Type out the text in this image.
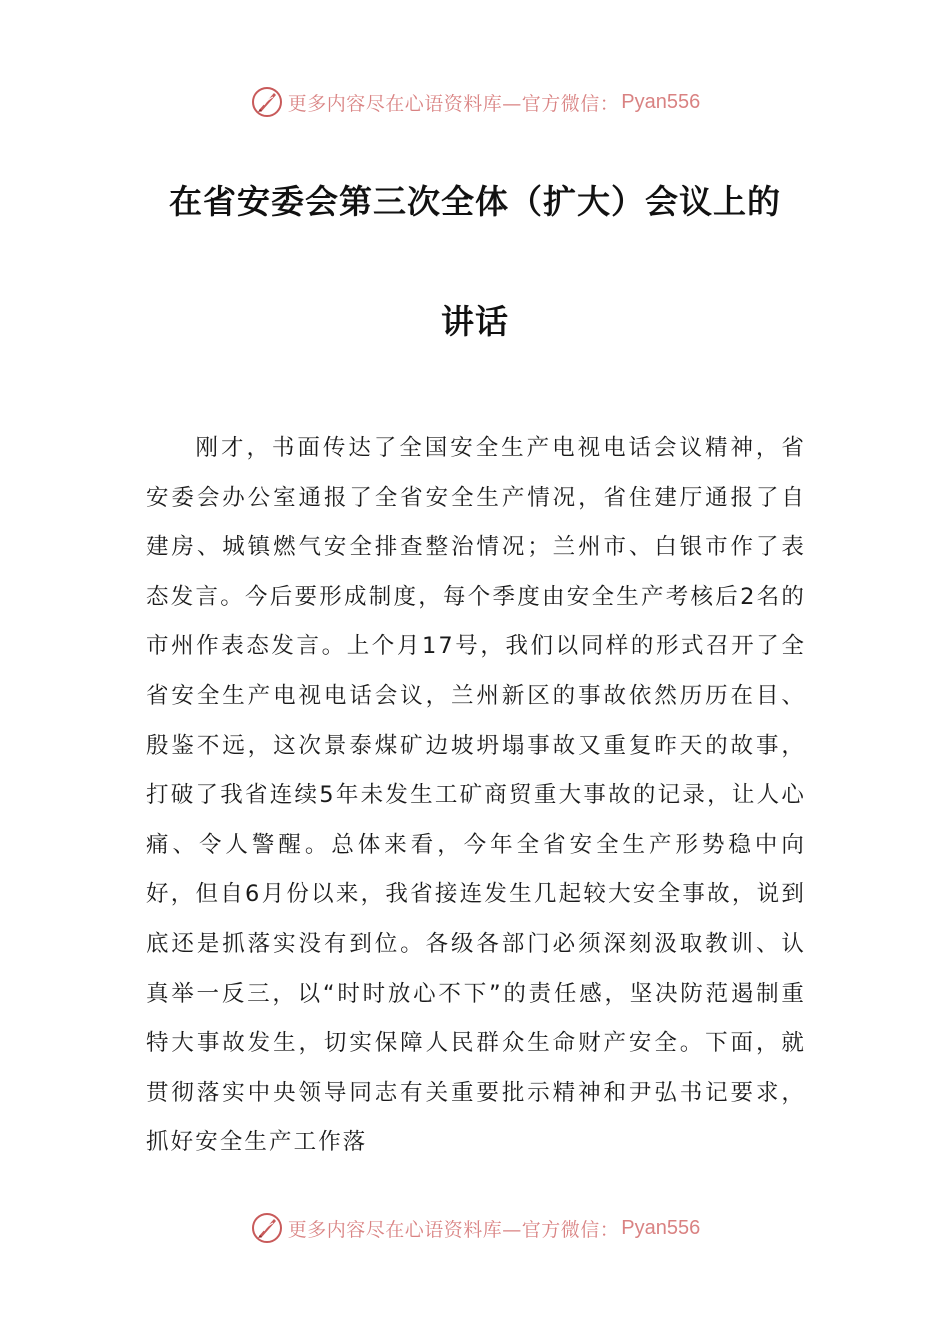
更多内容尽在心语资料库—官方微信： Pyan556
在省安委会第三次全体（扩大）会议上的
讲话

刚才，书面传达了全国安全生产电视电话会议精神，省安委会办公室通报了全省安全生产情况，省住建厅通报了自建房、城镇燃气安全排查整治情况；兰州市、白银市作了表态发言。今后要形成制度，每个季度由安全生产考核后2名的市州作表态发言。上个月17号，我们以同样的形式召开了全省安全生产电视电话会议，兰州新区的事故依然历历在目、殷鉴不远，这次景泰煤矿边坡坍塌事故又重复昨天的故事，打破了我省连续5年未发生工矿商贸重大事故的记录，让人心痛、令人警醒。总体来看，今年全省安全生产形势稳中向好，但自6月份以来，我省接连发生几起较大安全事故，说到底还是抓落实没有到位。各级各部门必须深刻汲取教训、认真举一反三，以“时时放心不下”的责任感，坚决防范遏制重特大事故发生，切实保障人民群众生命财产安全。下面，就贯彻落实中央领导同志有关重要批示精神和尹弘书记要求，抓好安全生产工作落

更多内容尽在心语资料库—官方微信： Pyan556
